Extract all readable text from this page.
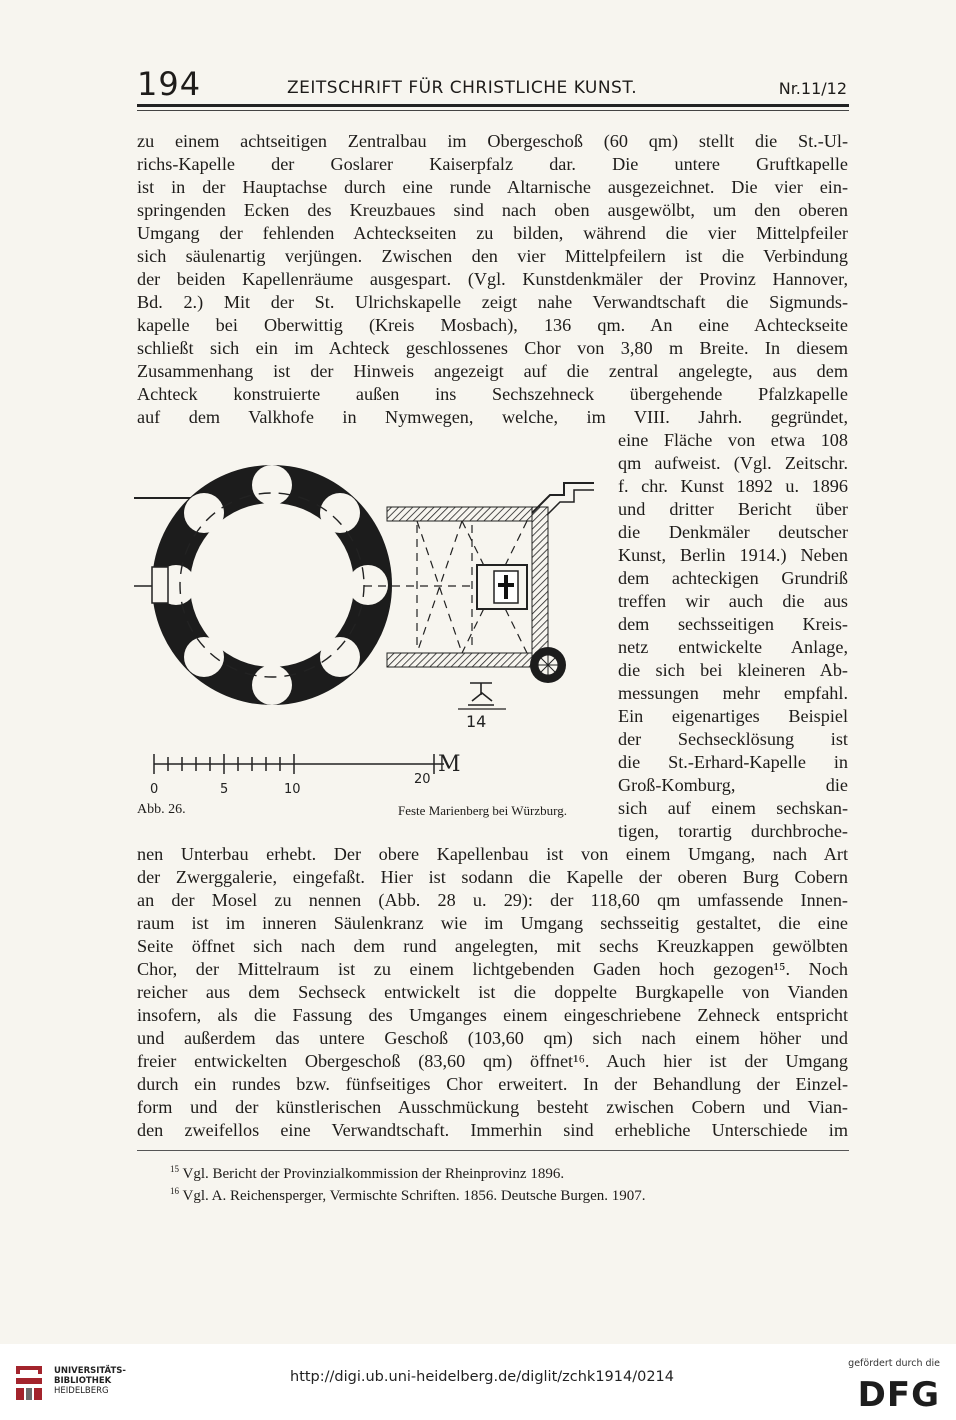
194	ZEITSCHRIFT FÜR CHRISTLICHE KUNST.	Nr.11/12
zu einem achtseitigen Zentralbau im Obergeschoß (60 qm) stellt die St.-Ul-
richs-Kapelle der Goslarer Kaiserpfalz dar. Die untere Gruftkapelle
ist in der Hauptachse durch eine runde Altarnische ausgezeichnet. Die vier ein-
springenden Ecken des Kreuzbaues sind nach oben ausgewölbt, um den oberen
Umgang der fehlenden Achteckseiten zu bilden, während die vier Mittelpfeiler
sich säulenartig verjüngen. Zwischen den vier Mittelpfeilern ist die Verbindung
der beiden Kapellenräume ausgespart. (Vgl. Kunstdenkmäler der Provinz Hannover,
Bd. 2.) Mit der St. Ulrichskapelle zeigt nahe Verwandtschaft die Sigmunds-
kapelle bei Oberwittig (Kreis Mosbach), 136 qm. An eine Achteckseite
schließt sich ein im Achteck geschlossenes Chor von 3,80 m Breite. In diesem
Zusammenhang ist der Hinweis angezeigt auf die zentral angelegte, aus dem
Achteck konstruierte außen ins Sechszehneck übergehende Pfalzkapelle
auf dem Valkhofe in Nymwegen, welche, im VIII. Jahrh. gegründet,
eine Fläche von etwa 108
qm aufweist. (Vgl. Zeitschr.
f. chr. Kunst 1892 u. 1896
und dritter Bericht über
die Denkmäler deutscher
Kunst, Berlin 1914.) Neben
dem achteckigen Grundriß
treffen wir auch die aus
dem sechsseitigen Kreis-
netz entwickelte Anlage,
die sich bei kleineren Ab-
messungen mehr empfahl.
Ein eigenartiges Beispiel
der Sechsecklösung ist
die St.-Erhard-Kapelle in
Groß-Komburg, die
sich auf einem sechskan-
tigen, torartig durchbroche-
14
0	5	10
20
M
Abb. 26.	Feste Marienberg bei Würzburg.
nen Unterbau erhebt. Der obere Kapellenbau ist von einem Umgang, nach Art
der Zwerggalerie, eingefaßt. Hier ist sodann die Kapelle der oberen Burg Cobern
an der Mosel zu nennen (Abb. 28 u. 29): der 118,60 qm umfassende Innen-
raum ist im inneren Säulenkranz wie im Umgang sechsseitig gestaltet, die eine
Seite öffnet sich nach dem rund angelegten, mit sechs Kreuzkappen gewölbten
Chor, der Mittelraum ist zu einem lichtgebenden Gaden hoch gezogen¹⁵. Noch
reicher aus dem Sechseck entwickelt ist die doppelte Burgkapelle von Vianden
insofern, als die Fassung des Umganges einem eingeschriebene Zehneck entspricht
und außerdem das untere Geschoß (103,60 qm) sich nach einem höher und
freier entwickelten Obergeschoß (83,60 qm) öffnet¹⁶. Auch hier ist der Umgang
durch ein rundes bzw. fünfseitiges Chor erweitert. In der Behandlung der Einzel-
form und der künstlerischen Ausschmückung besteht zwischen Cobern und Vian-
den zweifellos eine Verwandtschaft. Immerhin sind erhebliche Unterschiede im
$^{15}$ Vgl. Bericht der Provinzialkommission der Rheinprovinz 1896.
$^{16}$ Vgl. A. Reichensperger, Vermischte Schriften. 1856. Deutsche Burgen. 1907.
UNIVERSITÄTS-
BIBLIOTHEK
HEIDELBERG
http://digi.ub.uni-heidelberg.de/diglit/zchk1914/0214
gefördert durch die
DFG
